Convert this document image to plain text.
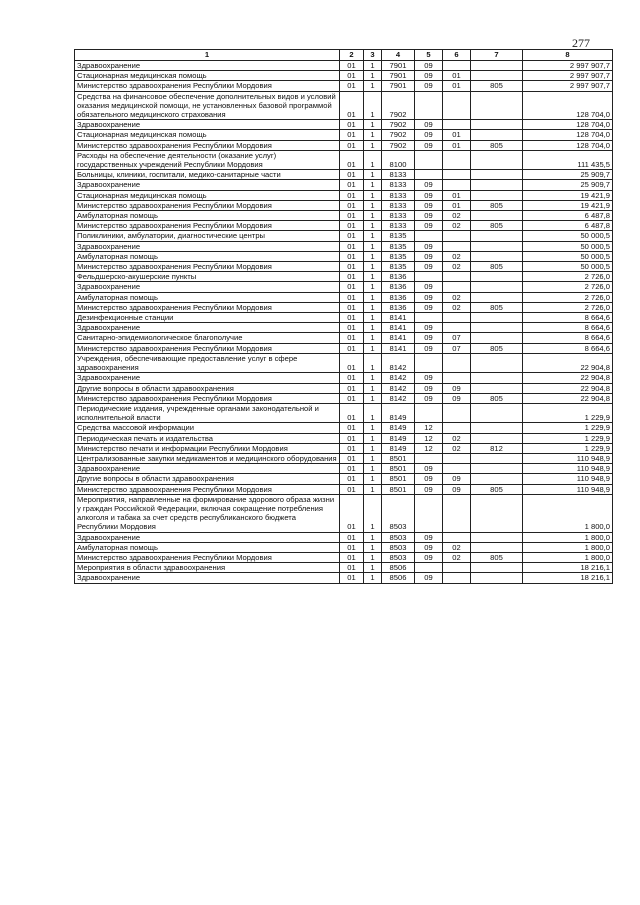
277
1	2	3	4	5	6	7	8
Здравоохранение	01	1	7901	09			2 997 907,7
Стационарная медицинская помощь	01	1	7901	09	01		2 997 907,7
Министерство здравоохранения Республики Мордовия	01	1	7901	09	01	805	2 997 907,7
Средства на финансовое обеспечение дополнительных видов и условий оказания медицинской помощи, не установленных базовой программой обязательного медицинского страхования	01	1	7902				128 704,0
Здравоохранение	01	1	7902	09			128 704,0
Стационарная медицинская помощь	01	1	7902	09	01		128 704,0
Министерство здравоохранения Республики Мордовия	01	1	7902	09	01	805	128 704,0
Расходы на обеспечение деятельности (оказание услуг) государственных учреждений Республики Мордовия	01	1	8100				111 435,5
Больницы, клиники, госпитали, медико-санитарные части	01	1	8133				25 909,7
Здравоохранение	01	1	8133	09			25 909,7
Стационарная медицинская помощь	01	1	8133	09	01		19 421,9
Министерство здравоохранения Республики Мордовия	01	1	8133	09	01	805	19 421,9
Амбулаторная помощь	01	1	8133	09	02		6 487,8
Министерство здравоохранения Республики Мордовия	01	1	8133	09	02	805	6 487,8
Поликлиники, амбулатории, диагностические центры	01	1	8135				50 000,5
Здравоохранение	01	1	8135	09			50 000,5
Амбулаторная помощь	01	1	8135	09	02		50 000,5
Министерство здравоохранения Республики Мордовия	01	1	8135	09	02	805	50 000,5
Фельдшерско-акушерские пункты	01	1	8136				2 726,0
Здравоохранение	01	1	8136	09			2 726,0
Амбулаторная помощь	01	1	8136	09	02		2 726,0
Министерство здравоохранения Республики Мордовия	01	1	8136	09	02	805	2 726,0
Дезинфекционные станции	01	1	8141				8 664,6
Здравоохранение	01	1	8141	09			8 664,6
Санитарно-эпидемиологическое благополучие	01	1	8141	09	07		8 664,6
Министерство здравоохранения Республики Мордовия	01	1	8141	09	07	805	8 664,6
Учреждения, обеспечивающие предоставление услуг в сфере здравоохранения	01	1	8142				22 904,8
Здравоохранение	01	1	8142	09			22 904,8
Другие вопросы в области здравоохранения	01	1	8142	09	09		22 904,8
Министерство здравоохранения Республики Мордовия	01	1	8142	09	09	805	22 904,8
Периодические издания, учрежденные органами законодательной и исполнительной власти	01	1	8149				1 229,9
Средства массовой информации	01	1	8149	12			1 229,9
Периодическая печать и издательства	01	1	8149	12	02		1 229,9
Министерство печати и информации Республики Мордовия	01	1	8149	12	02	812	1 229,9
Централизованные закупки медикаментов и медицинского оборудования	01	1	8501				110 948,9
Здравоохранение	01	1	8501	09			110 948,9
Другие вопросы в области здравоохранения	01	1	8501	09	09		110 948,9
Министерство здравоохранения Республики Мордовия	01	1	8501	09	09	805	110 948,9
Мероприятия, направленные на формирование здорового образа жизни у граждан Российской Федерации, включая сокращение потребления алкоголя и табака за счет средств республиканского бюджета Республики Мордовия	01	1	8503				1 800,0
Здравоохранение	01	1	8503	09			1 800,0
Амбулаторная помощь	01	1	8503	09	02		1 800,0
Министерство здравоохранения Республики Мордовия	01	1	8503	09	02	805	1 800,0
Мероприятия в области здравоохранения	01	1	8506				18 216,1
Здравоохранение	01	1	8506	09			18 216,1
